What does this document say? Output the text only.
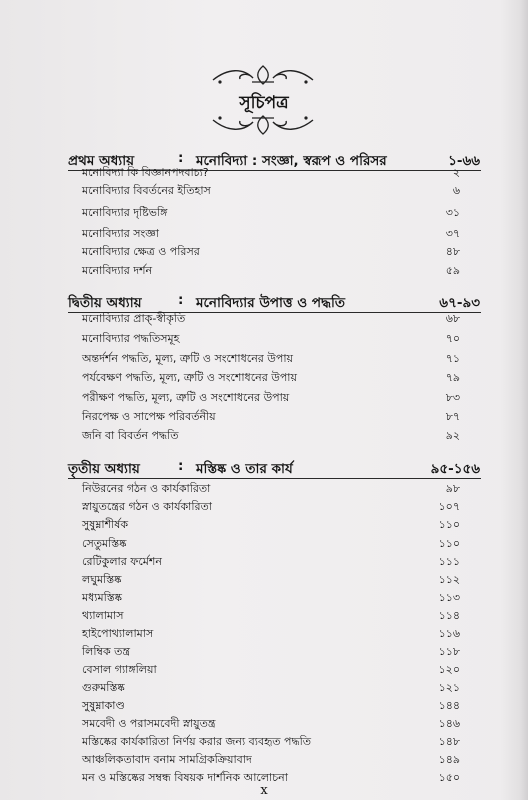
সূচিপত্র
প্রথম অধ্যায়	: মনোবিদ্যা : সংজ্ঞা, স্বরূপ ও পরিসর	১-৬৬
মনোবিদ্যা কি বিজ্ঞানপদবাচ্য?	২
মনোবিদ্যার বিবর্তনের ইতিহাস	৬
মনোবিদ্যার দৃষ্টিভঙ্গি	৩১
মনোবিদ্যার সংজ্ঞা	৩৭
মনোবিদ্যার ক্ষেত্র ও পরিসর	৪৮
মনোবিদ্যার দর্শন	৫৯
দ্বিতীয় অধ্যায়	: মনোবিদ্যার উপাত্ত ও পদ্ধতি	৬৭-৯৩
মনোবিদ্যার প্রাক্-স্বীকৃতি	৬৮
মনোবিদ্যার পদ্ধতিসমূহ	৭০
অন্তর্দর্শন পদ্ধতি, মূল্য, ত্রুটি ও সংশোধনের উপায়	৭১
পর্যবেক্ষণ পদ্ধতি, মূল্য, ত্রুটি ও সংশোধনের উপায়	৭৯
পরীক্ষণ পদ্ধতি, মূল্য, ত্রুটি ও সংশোধনের উপায়	৮৩
নিরপেক্ষ ও সাপেক্ষ পরিবর্তনীয়	৮৭
জনি বা বিবর্তন পদ্ধতি	৯২
তৃতীয় অধ্যায়	: মস্তিষ্ক ও তার কার্য	৯৫-১৫৬
নিউরনের গঠন ও কার্যকারিতা	৯৮
স্নায়ুতন্ত্রের গঠন ও কার্যকারিতা	১০৭
সুষুম্নাশীর্ষক	১১০
সেতুমস্তিষ্ক	১১০
রেটিকুলার ফর্মেশন	১১১
লঘুমস্তিষ্ক	১১২
মধ্যমস্তিষ্ক	১১৩
থ্যালামাস	১১৪
হাইপোথ্যালামাস	১১৬
লিম্বিক তন্ত্র	১১৮
বেসাল গ্যাঙ্গলিয়া	১২০
গুরুমস্তিষ্ক	১২১
সুষুম্নাকাণ্ড	১৪৪
সমবেদী ও পরাসমবেদী স্নায়ুতন্ত্র	১৪৬
মস্তিষ্কের কার্যকারিতা নির্ণয় করার জন্য ব্যবহৃত পদ্ধতি	১৪৮
আঞ্চলিকতাবাদ বনাম সামগ্রিকক্রিয়াবাদ	১৪৯
মন ও মস্তিষ্কের সম্বন্ধ বিষয়ক দার্শনিক আলোচনা	১৫০
x
